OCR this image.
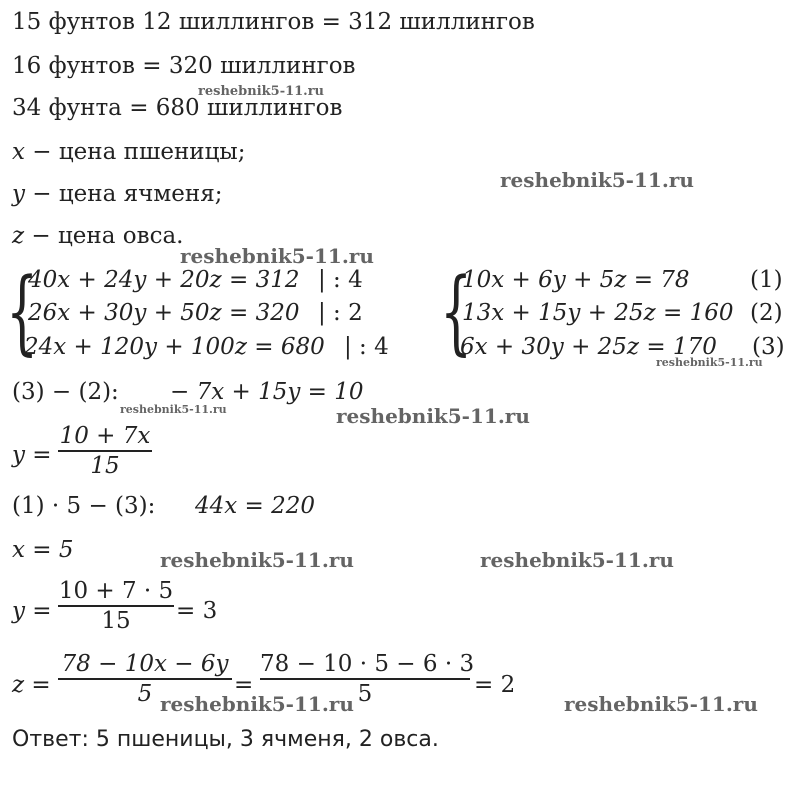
15 фунтов 12 шиллингов = 312 шиллингов
16 фунтов = 320 шиллингов
34 фунта = 680 шиллингов
x − цена пшеницы;
y − цена ячменя;
z − цена овса.
{
40x + 24y + 20z = 312
26x + 30y + 50z = 320
24x + 120y + 100z = 680
| : 4
| : 2
| : 4 {
10x + 6y + 5z = 78
13x + 15y + 25z = 160
6x + 30y + 25z = 170
(1)
(2)
(3)
(3) − (2): − 7x + 15y = 10
y =
10 + 7x
15
(1) · 5 − (3): 44x = 220
x = 5
y =
10 + 7 · 5
15	= 3
z =
78 − 10x − 6y
5	=
78 − 10 · 5 − 6 · 3
5	= 2
Ответ: 5 пшеницы, 3 ячменя, 2 овса.
reshebnik5-11.ru
reshebnik5-11.ru
reshebnik5-11.ru
reshebnik5-11.ru
reshebnik5-11.ru	reshebnik5-11.ru
reshebnik5-11.ru	reshebnik5-11.ru
reshebnik5-11.ru	reshebnik5-11.ru
